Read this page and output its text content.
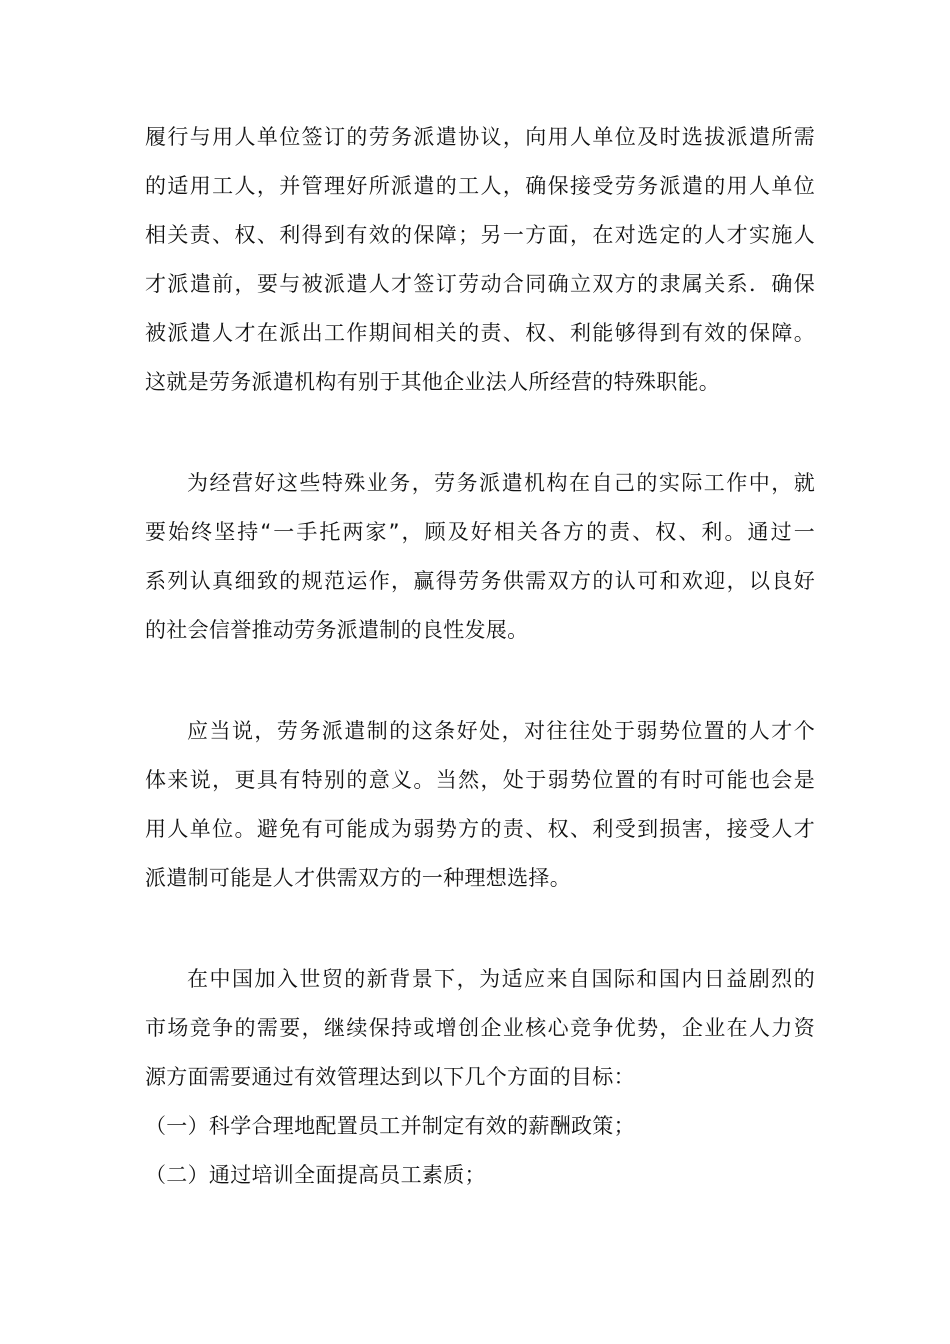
履行与用人单位签订的劳务派遣协议，向用人单位及时选拔派遣所需
的适用工人，并管理好所派遣的工人，确保接受劳务派遣的用人单位
相关责、权、利得到有效的保障；另一方面，在对选定的人才实施人
才派遣前，要与被派遣人才签订劳动合同确立双方的隶属关系．确保
被派遣人才在派出工作期间相关的责、权、利能够得到有效的保障。
这就是劳务派遣机构有别于其他企业法人所经营的特殊职能。
为经营好这些特殊业务，劳务派遣机构在自己的实际工作中，就
要始终坚持“一手托两家”，顾及好相关各方的责、权、利。通过一
系列认真细致的规范运作，赢得劳务供需双方的认可和欢迎，以良好
的社会信誉推动劳务派遣制的良性发展。
应当说，劳务派遣制的这条好处，对往往处于弱势位置的人才个
体来说，更具有特别的意义。当然，处于弱势位置的有时可能也会是
用人单位。避免有可能成为弱势方的责、权、利受到损害，接受人才
派遣制可能是人才供需双方的一种理想选择。
在中国加入世贸的新背景下，为适应来自国际和国内日益剧烈的
市场竞争的需要，继续保持或增创企业核心竞争优势，企业在人力资
源方面需要通过有效管理达到以下几个方面的目标：
（一）科学合理地配置员工并制定有效的薪酬政策；
（二）通过培训全面提高员工素质；
